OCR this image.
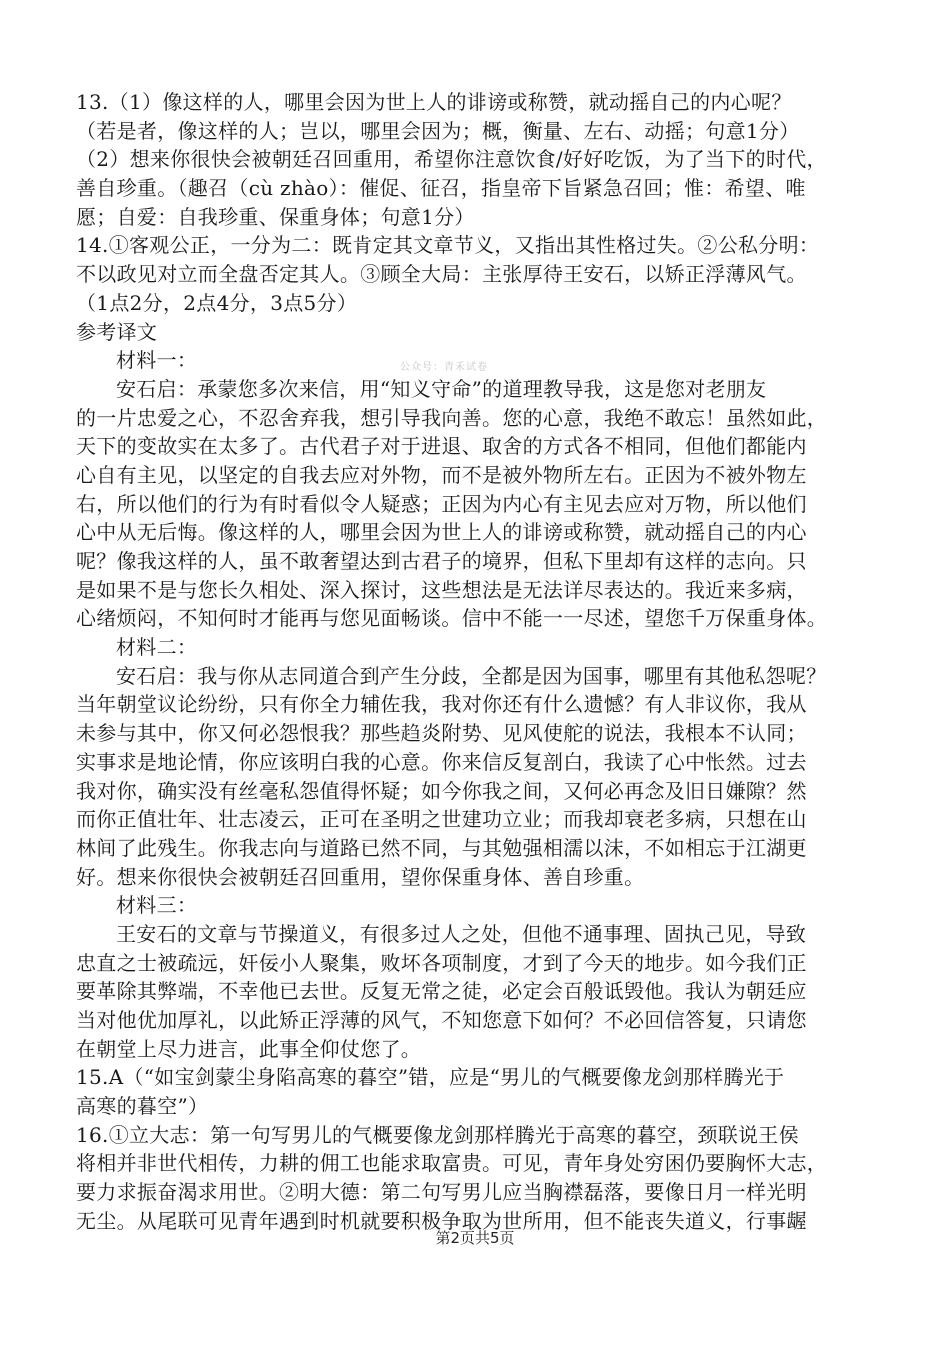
公众号：青禾试卷
13.（1）像这样的人，哪里会因为世上人的诽谤或称赞，就动摇自己的内心呢？
（若是者，像这样的人；岂以，哪里会因为；概，衡量、左右、动摇；句意1分）
（2）想来你很快会被朝廷召回重用，希望你注意饮食/好好吃饭，为了当下的时代，
善自珍重。（趣召（cù zhào）：催促、征召，指皇帝下旨紧急召回；惟：希望、唯
愿；自爱：自我珍重、保重身体；句意1分）
14.①客观公正，一分为二：既肯定其文章节义，又指出其性格过失。②公私分明：
不以政见对立而全盘否定其人。③顾全大局：主张厚待王安石，以矫正浮薄风气。
（1点2分，2点4分，3点5分）
参考译文
材料一：
安石启：承蒙您多次来信，用“知义守命”的道理教导我，这是您对老朋友
的一片忠爱之心，不忍舍弃我，想引导我向善。您的心意，我绝不敢忘！虽然如此，
天下的变故实在太多了。古代君子对于进退、取舍的方式各不相同，但他们都能内
心自有主见，以坚定的自我去应对外物，而不是被外物所左右。正因为不被外物左
右，所以他们的行为有时看似令人疑惑；正因为内心有主见去应对万物，所以他们
心中从无后悔。像这样的人，哪里会因为世上人的诽谤或称赞，就动摇自己的内心
呢？像我这样的人，虽不敢奢望达到古君子的境界，但私下里却有这样的志向。只
是如果不是与您长久相处、深入探讨，这些想法是无法详尽表达的。我近来多病，
心绪烦闷，不知何时才能再与您见面畅谈。信中不能一一尽述，望您千万保重身体。
材料二：
安石启：我与你从志同道合到产生分歧，全都是因为国事，哪里有其他私怨呢？
当年朝堂议论纷纷，只有你全力辅佐我，我对你还有什么遗憾？有人非议你，我从
未参与其中，你又何必怨恨我？那些趋炎附势、见风使舵的说法，我根本不认同；
实事求是地论情，你应该明白我的心意。你来信反复剖白，我读了心中怅然。过去
我对你，确实没有丝毫私怨值得怀疑；如今你我之间，又何必再念及旧日嫌隙？然
而你正值壮年、壮志凌云，正可在圣明之世建功立业；而我却衰老多病，只想在山
林间了此残生。你我志向与道路已然不同，与其勉强相濡以沫，不如相忘于江湖更
好。想来你很快会被朝廷召回重用，望你保重身体、善自珍重。
材料三：
王安石的文章与节操道义，有很多过人之处，但他不通事理、固执己见，导致
忠直之士被疏远，奸佞小人聚集，败坏各项制度，才到了今天的地步。如今我们正
要革除其弊端，不幸他已去世。反复无常之徒，必定会百般诋毁他。我认为朝廷应
当对他优加厚礼，以此矫正浮薄的风气，不知您意下如何？不必回信答复，只请您
在朝堂上尽力进言，此事全仰仗您了。
15.A（“如宝剑蒙尘身陷高寒的暮空”错，应是“男儿的气概要像龙剑那样腾光于
高寒的暮空”）
16.①立大志：第一句写男儿的气概要像龙剑那样腾光于高寒的暮空，颈联说王侯
将相并非世代相传，力耕的佣工也能求取富贵。可见，青年身处穷困仍要胸怀大志，
要力求振奋渴求用世。②明大德：第二句写男儿应当胸襟磊落，要像日月一样光明
无尘。从尾联可见青年遇到时机就要积极争取为世所用，但不能丧失道义，行事龌
第2页共5页
